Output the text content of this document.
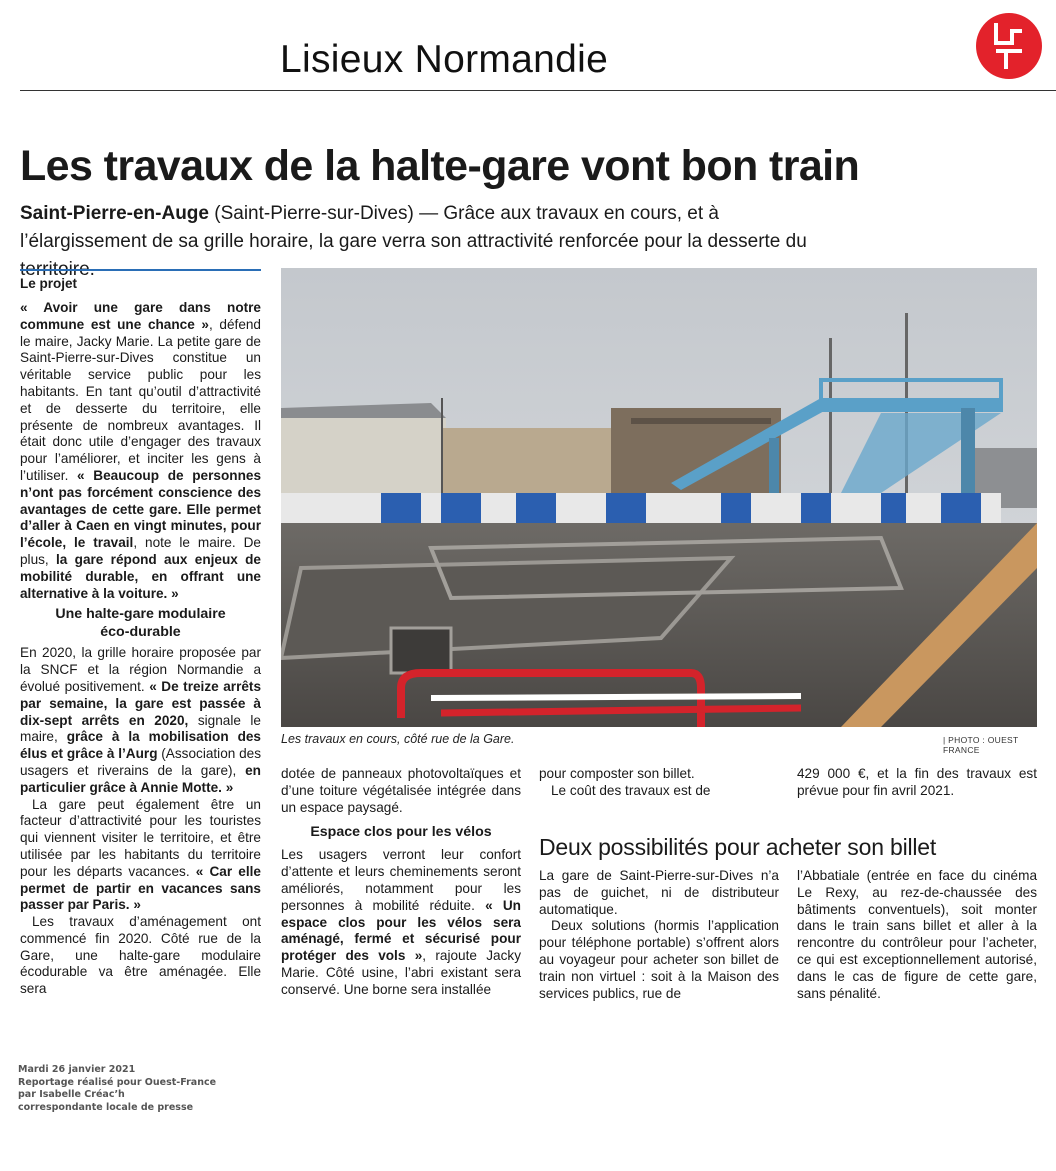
Lisieux Normandie
Les travaux de la halte-gare vont bon train
Saint-Pierre-en-Auge (Saint-Pierre-sur-Dives) — Grâce aux travaux en cours, et à l’élargissement de sa grille horaire, la gare verra son attractivité renforcée pour la desserte du territoire.
Le projet

« Avoir une gare dans notre commune est une chance », défend le maire, Jacky Marie. La petite gare de Saint-Pierre-sur-Dives constitue un véritable service public pour les habitants. En tant qu’outil d’attractivité et de desserte du territoire, elle présente de nombreux avantages. Il était donc utile d’engager des travaux pour l’améliorer, et inciter les gens à l’utiliser. « Beaucoup de personnes n’ont pas forcément conscience des avantages de cette gare. Elle permet d’aller à Caen en vingt minutes, pour l’école, le travail, note le maire. De plus, la gare répond aux enjeux de mobilité durable, en offrant une alternative à la voiture. »

Une halte-gare modulaire éco-durable

En 2020, la grille horaire proposée par la SNCF et la région Normandie a évolué positivement. « De treize arrêts par semaine, la gare est passée à dix-sept arrêts en 2020, signale le maire, grâce à la mobilisation des élus et grâce à l’Aurg (Association des usagers et riverains de la gare), en particulier grâce à Annie Motte. »

La gare peut également être un facteur d’attractivité pour les touristes qui viennent visiter le territoire, et être utilisée par les habitants du territoire pour les départs vacances. « Car elle permet de partir en vacances sans passer par Paris. »

Les travaux d’aménagement ont commencé fin 2020. Côté rue de la Gare, une halte-gare modulaire écodurable va être aménagée. Elle sera

Les travaux en cours, côté rue de la Gare.	| PHOTO : OUEST FRANCE

dotée de panneaux photovoltaïques et d’une toiture végétalisée intégrée dans un espace paysagé.

Espace clos pour les vélos

Les usagers verront leur confort d’attente et leurs cheminements seront améliorés, notamment pour les personnes à mobilité réduite. « Un espace clos pour les vélos sera aménagé, fermé et sécurisé pour protéger des vols », rajoute Jacky Marie. Côté usine, l’abri existant sera conservé. Une borne sera installée

pour composter son billet.

Le coût des travaux est de

429 000 €, et la fin des travaux est prévue pour fin avril 2021.

Deux possibilités pour acheter son billet

La gare de Saint-Pierre-sur-Dives n’a pas de guichet, ni de distributeur automatique.

Deux solutions (hormis l’application pour téléphone portable) s’offrent alors au voyageur pour acheter son billet de train non virtuel : soit à la Maison des services publics, rue de

l’Abbatiale (entrée en face du cinéma Le Rexy, au rez-de-chaussée des bâtiments conventuels), soit monter dans le train sans billet et aller à la rencontre du contrôleur pour l’acheter, ce qui est exceptionnellement autorisé, dans le cas de figure de cette gare, sans pénalité.

Mardi 26 janvier 2021
Reportage réalisé pour Ouest-France
par Isabelle Créac’h
correspondante locale de presse
